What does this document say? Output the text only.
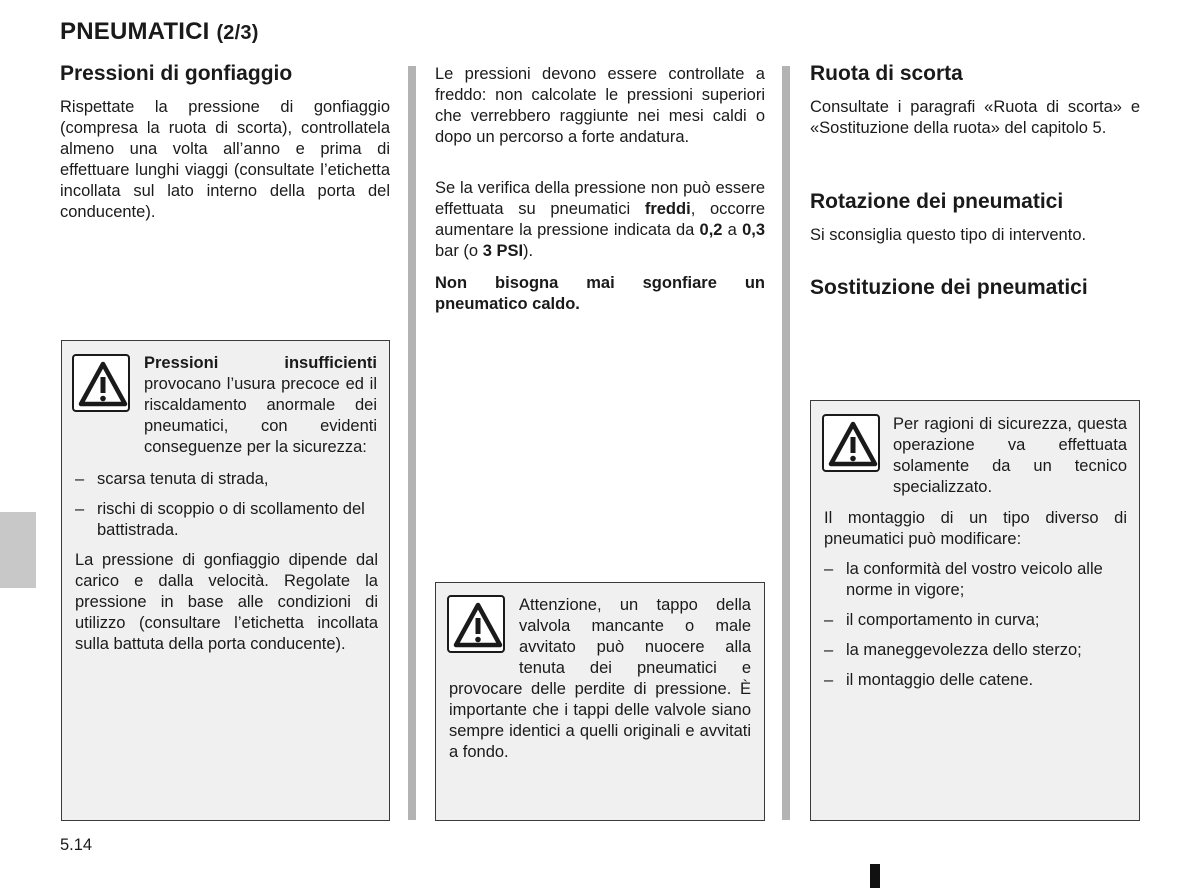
PNEUMATICI (2/3)
Pressioni di gonfiaggio
Rispettate la pressione di gonfiaggio (compresa la ruota di scorta), controllatela almeno una volta all’anno e prima di effettuare lunghi viaggi (consultate l’etichetta incollata sul lato interno della porta del conducente).
Pressioni insufficienti provocano l’usura precoce ed il riscaldamento anormale dei pneumatici, con evidenti conseguenze per la sicurezza:
– scarsa tenuta di strada,
– rischi di scoppio o di scollamento del battistrada.
La pressione di gonfiaggio dipende dal carico e dalla velocità. Regolate la pressione in base alle condizioni di utilizzo (consultare l’etichetta incollata sulla battuta della porta conducente).
Le pressioni devono essere controllate a freddo: non calcolate le pressioni superiori che verrebbero raggiunte nei mesi caldi o dopo un percorso a forte andatura.
Se la verifica della pressione non può essere effettuata su pneumatici freddi, occorre aumentare la pressione indicata da 0,2 a 0,3 bar (o 3 PSI).
Non bisogna mai sgonfiare un pneumatico caldo.
Attenzione, un tappo della valvola mancante o male avvitato può nuocere alla tenuta dei pneumatici e provocare delle perdite di pressione. È importante che i tappi delle valvole siano sempre identici a quelli originali e avvitati a fondo.
Ruota di scorta
Consultate i paragrafi «Ruota di scorta» e «Sostituzione della ruota» del capitolo 5.
Rotazione dei pneumatici
Si sconsiglia questo tipo di intervento.
Sostituzione dei pneumatici
Per ragioni di sicurezza, questa operazione va effettuata solamente da un tecnico specializzato.
Il montaggio di un tipo diverso di pneumatici può modificare:
– la conformità del vostro veicolo alle norme in vigore;
– il comportamento in curva;
– la maneggevolezza dello sterzo;
– il montaggio delle catene.
5.14
